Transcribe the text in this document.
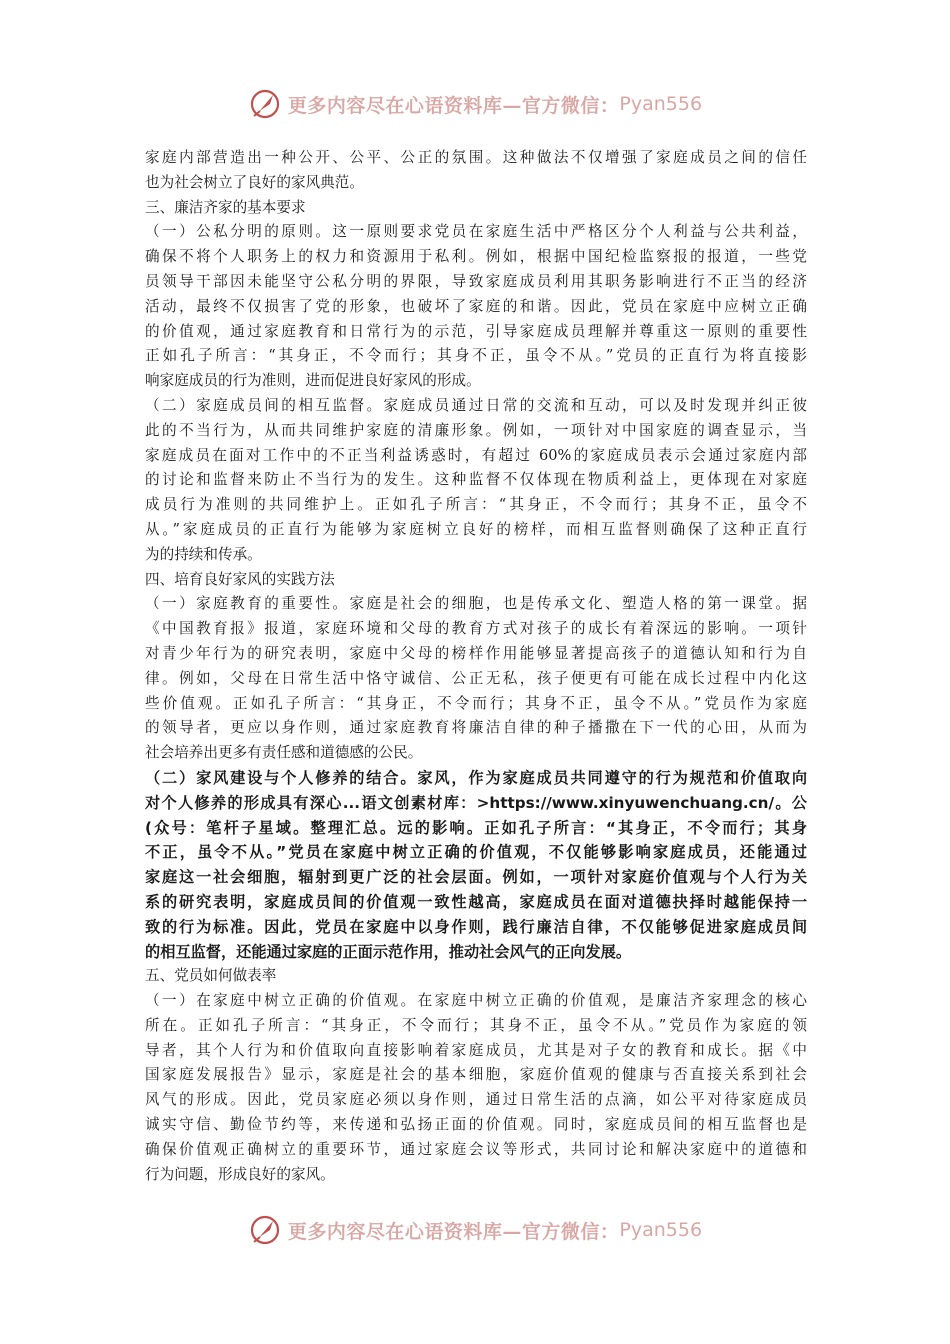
更多内容尽在心语资料库—官方微信： Pyan556
家庭内部营造出一种公开、公平、公正的氛围。这种做法不仅增强了家庭成员之间的信任
也为社会树立了良好的家风典范。
三、廉洁齐家的基本要求
（一）公私分明的原则。这一原则要求党员在家庭生活中严格区分个人利益与公共利益，
确保不将个人职务上的权力和资源用于私利。例如，根据中国纪检监察报的报道，一些党
员领导干部因未能坚守公私分明的界限，导致家庭成员利用其职务影响进行不正当的经济
活动，最终不仅损害了党的形象，也破坏了家庭的和谐。因此，党员在家庭中应树立正确
的价值观，通过家庭教育和日常行为的示范，引导家庭成员理解并尊重这一原则的重要性
正如孔子所言：“其身正，不令而行；其身不正，虽令不从。”党员的正直行为将直接影
响家庭成员的行为准则，进而促进良好家风的形成。
（二）家庭成员间的相互监督。家庭成员通过日常的交流和互动，可以及时发现并纠正彼
此的不当行为，从而共同维护家庭的清廉形象。例如，一项针对中国家庭的调查显示，当
家庭成员在面对工作中的不正当利益诱惑时，有超过 60%的家庭成员表示会通过家庭内部
的讨论和监督来防止不当行为的发生。这种监督不仅体现在物质利益上，更体现在对家庭
成员行为准则的共同维护上。正如孔子所言：“其身正，不令而行；其身不正，虽令不
从。”家庭成员的正直行为能够为家庭树立良好的榜样，而相互监督则确保了这种正直行
为的持续和传承。
四、培育良好家风的实践方法
（一）家庭教育的重要性。家庭是社会的细胞，也是传承文化、塑造人格的第一课堂。据
《中国教育报》报道，家庭环境和父母的教育方式对孩子的成长有着深远的影响。一项针
对青少年行为的研究表明，家庭中父母的榜样作用能够显著提高孩子的道德认知和行为自
律。例如，父母在日常生活中恪守诚信、公正无私，孩子便更有可能在成长过程中内化这
些价值观。正如孔子所言：“其身正，不令而行；其身不正，虽令不从。”党员作为家庭
的领导者，更应以身作则，通过家庭教育将廉洁自律的种子播撒在下一代的心田，从而为
社会培养出更多有责任感和道德感的公民。
（二）家风建设与个人修养的结合。家风，作为家庭成员共同遵守的行为规范和价值取向
对个人修养的形成具有深心...语文创素材库：>https://www.xinyuwenchuang.cn/。公
(众号：笔杆子星域。整理汇总。远的影响。正如孔子所言：“其身正，不令而行；其身
不正，虽令不从。”党员在家庭中树立正确的价值观，不仅能够影响家庭成员，还能通过
家庭这一社会细胞，辐射到更广泛的社会层面。例如，一项针对家庭价值观与个人行为关
系的研究表明，家庭成员间的价值观一致性越高，家庭成员在面对道德抉择时越能保持一
致的行为标准。因此，党员在家庭中以身作则，践行廉洁自律，不仅能够促进家庭成员间
的相互监督，还能通过家庭的正面示范作用，推动社会风气的正向发展。
五、党员如何做表率
（一）在家庭中树立正确的价值观。在家庭中树立正确的价值观，是廉洁齐家理念的核心
所在。正如孔子所言：“其身正，不令而行；其身不正，虽令不从。”党员作为家庭的领
导者，其个人行为和价值取向直接影响着家庭成员，尤其是对子女的教育和成长。据《中
国家庭发展报告》显示，家庭是社会的基本细胞，家庭价值观的健康与否直接关系到社会
风气的形成。因此，党员家庭必须以身作则，通过日常生活的点滴，如公平对待家庭成员
诚实守信、勤俭节约等，来传递和弘扬正面的价值观。同时，家庭成员间的相互监督也是
确保价值观正确树立的重要环节，通过家庭会议等形式，共同讨论和解决家庭中的道德和
行为问题，形成良好的家风。
更多内容尽在心语资料库—官方微信： Pyan556
